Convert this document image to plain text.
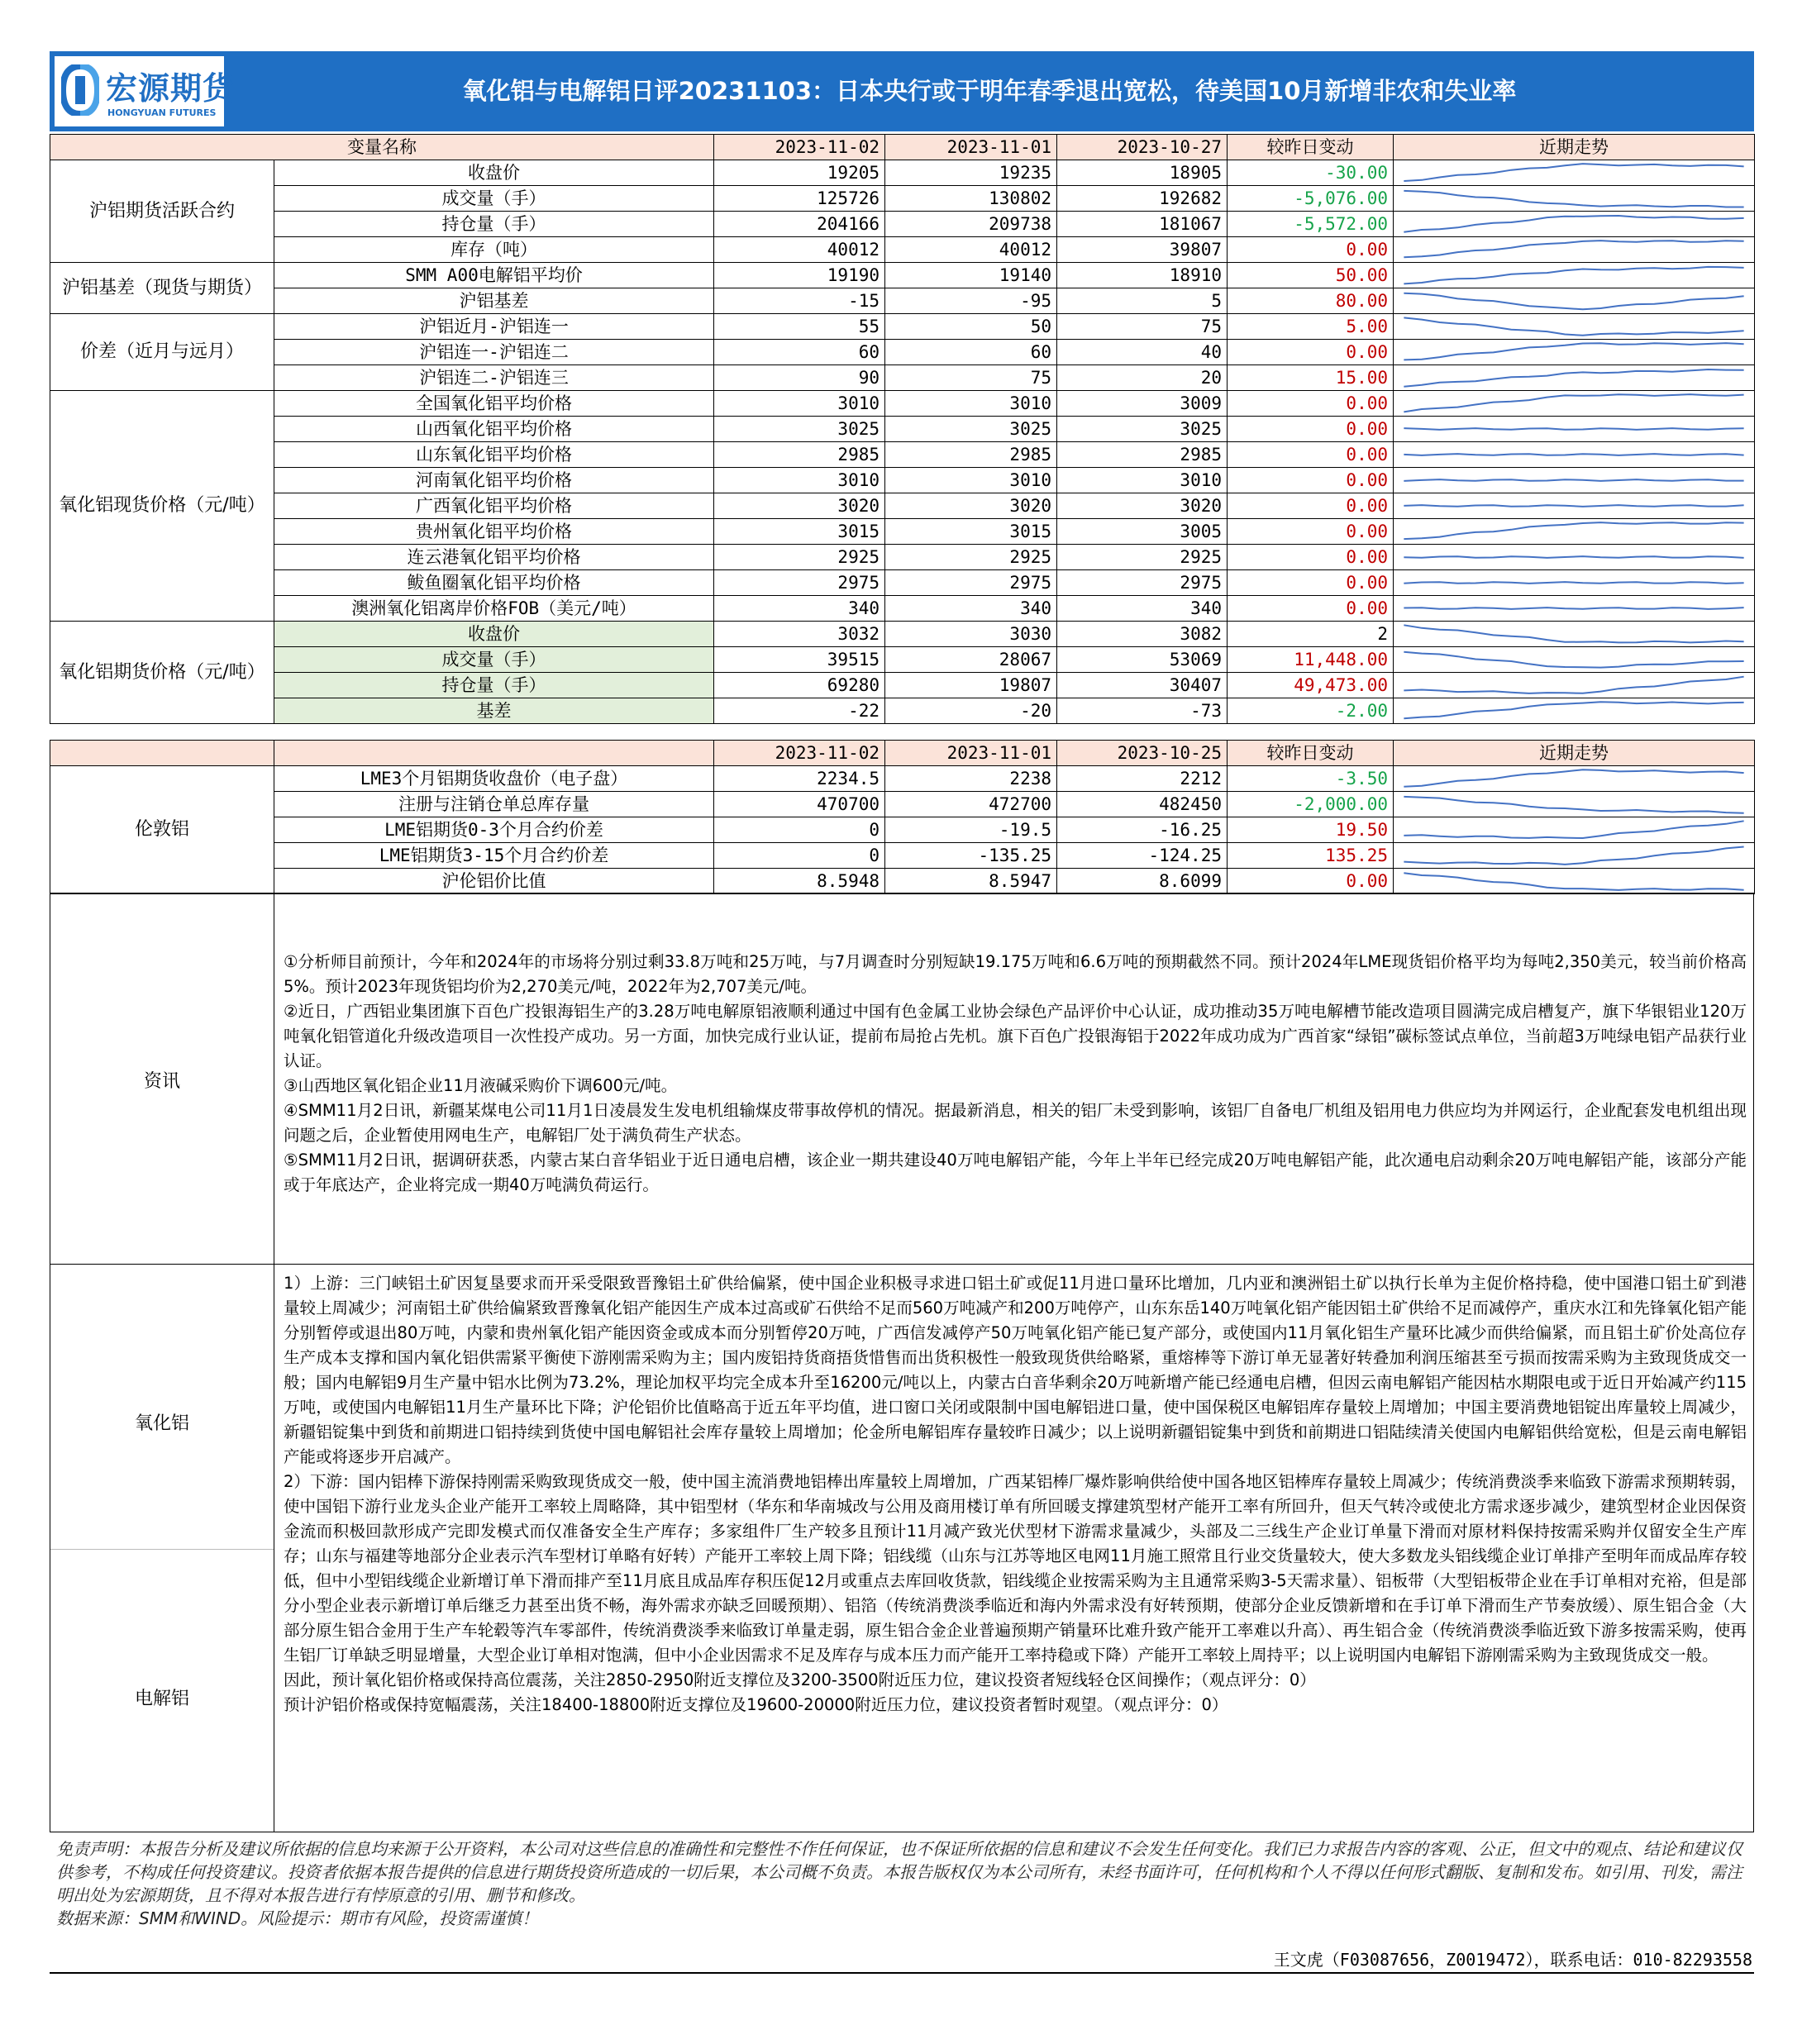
宏源期货
HONGYUAN FUTURES
氧化铝与电解铝日评20231103：日本央行或于明年春季退出宽松，待美国10月新增非农和失业率
变量名称		2023-11-02	2023-11-01	2023-10-27	较昨日变动	近期走势
沪铝期货活跃合约	收盘价	19205	19235	18905	-30.00	

	成交量（手）	125726	130802	192682	-5,076.00	

	持仓量（手）	204166	209738	181067	-5,572.00	

	库存（吨）	40012	40012	39807	0.00	

沪铝基差（现货与期货）	SMM A00电解铝平均价	19190	19140	18910	50.00	

	沪铝基差	-15	-95	5	80.00	

价差（近月与远月）	沪铝近月-沪铝连一	55	50	75	5.00	

	沪铝连一-沪铝连二	60	60	40	0.00	

	沪铝连二-沪铝连三	90	75	20	15.00	

氧化铝现货价格（元/吨）	全国氧化铝平均价格	3010	3010	3009	0.00	

	山西氧化铝平均价格	3025	3025	3025	0.00	

	山东氧化铝平均价格	2985	2985	2985	0.00	

	河南氧化铝平均价格	3010	3010	3010	0.00	

	广西氧化铝平均价格	3020	3020	3020	0.00	

	贵州氧化铝平均价格	3015	3015	3005	0.00	

	连云港氧化铝平均价格	2925	2925	2925	0.00	

	鲅鱼圈氧化铝平均价格	2975	2975	2975	0.00	

	澳洲氧化铝离岸价格FOB（美元/吨）	340	340	340	0.00	

氧化铝期货价格（元/吨）	收盘价	3032	3030	3082	2	

	成交量（手）	39515	28067	53069	11,448.00	

	持仓量（手）	69280	19807	30407	49,473.00	

	基差	-22	-20	-73	-2.00	
		2023-11-02	2023-11-01	2023-10-25	较昨日变动	近期走势
伦敦铝	LME3个月铝期货收盘价（电子盘）	2234.5	2238	2212	-3.50	

	注册与注销仓单总库存量	470700	472700	482450	-2,000.00	

	LME铝期货0-3个月合约价差	0	-19.5	-16.25	19.50	

	LME铝期货3-15个月合约价差	0	-135.25	-124.25	135.25	

	沪伦铝价比值	8.5948	8.5947	8.6099	0.00	
资讯

①分析师目前预计，今年和2024年的市场将分别过剩33.8万吨和25万吨，与7月调查时分别短缺19.175万吨和6.6万吨的预期截然不同。预计2024年LME现货铝价格平均为每吨2,350美元，较当前价格高5%。预计2023年现货铝均价为2,270美元/吨，2022年为2,707美元/吨。

②近日，广西铝业集团旗下百色广投银海铝生产的3.28万吨电解原铝液顺利通过中国有色金属工业协会绿色产品评价中心认证，成功推动35万吨电解槽节能改造项目圆满完成启槽复产，旗下华银铝业120万吨氧化铝管道化升级改造项目一次性投产成功。另一方面，加快完成行业认证，提前布局抢占先机。旗下百色广投银海铝于2022年成功成为广西首家“绿铝”碳标签试点单位，当前超3万吨绿电铝产品获行业认证。

③山西地区氧化铝企业11月液碱采购价下调600元/吨。

④SMM11月2日讯，新疆某煤电公司11月1日凌晨发生发电机组输煤皮带事故停机的情况。据最新消息，相关的铝厂未受到影响，该铝厂自备电厂机组及铝用电力供应均为并网运行，企业配套发电机组出现问题之后，企业暂使用网电生产，电解铝厂处于满负荷生产状态。

⑤SMM11月2日讯，据调研获悉，内蒙古某白音华铝业于近日通电启槽，该企业一期共建设40万吨电解铝产能，今年上半年已经完成20万吨电解铝产能，此次通电启动剩余20万吨电解铝产能，该部分产能或于年底达产，企业将完成一期40万吨满负荷运行。

氧化铝
电解铝

1）上游：三门峡铝土矿因复垦要求而开采受限致晋豫铝土矿供给偏紧，使中国企业积极寻求进口铝土矿或促11月进口量环比增加，几内亚和澳洲铝土矿以执行长单为主促价格持稳，使中国港口铝土矿到港量较上周减少；河南铝土矿供给偏紧致晋豫氧化铝产能因生产成本过高或矿石供给不足而560万吨减产和200万吨停产，山东东岳140万吨氧化铝产能因铝土矿供给不足而减停产，重庆水江和先锋氧化铝产能分别暂停或退出80万吨，内蒙和贵州氧化铝产能因资金或成本而分别暂停20万吨，广西信发减停产50万吨氧化铝产能已复产部分，或使国内11月氧化铝生产量环比减少而供给偏紧，而且铝土矿价处高位存生产成本支撑和国内氧化铝供需紧平衡使下游刚需采购为主；国内废铝持货商捂货惜售而出货积极性一般致现货供给略紧，重熔棒等下游订单无显著好转叠加利润压缩甚至亏损而按需采购为主致现货成交一般；国内电解铝9月生产量中铝水比例为73.2%，理论加权平均完全成本升至16200元/吨以上，内蒙古白音华剩余20万吨新增产能已经通电启槽，但因云南电解铝产能因枯水期限电或于近日开始减产约115万吨，或使国内电解铝11月生产量环比下降；沪伦铝价比值略高于近五年平均值，进口窗口关闭或限制中国电解铝进口量，使中国保税区电解铝库存量较上周增加；中国主要消费地铝锭出库量较上周减少，新疆铝锭集中到货和前期进口铝持续到货使中国电解铝社会库存量较上周增加；伦金所电解铝库存量较昨日减少；以上说明新疆铝锭集中到货和前期进口铝陆续清关使国内电解铝供给宽松，但是云南电解铝产能或将逐步开启减产。

2）下游：国内铝棒下游保持刚需采购致现货成交一般，使中国主流消费地铝棒出库量较上周增加，广西某铝棒厂爆炸影响供给使中国各地区铝棒库存量较上周减少；传统消费淡季来临致下游需求预期转弱，使中国铝下游行业龙头企业产能开工率较上周略降，其中铝型材（华东和华南城改与公用及商用楼订单有所回暖支撑建筑型材产能开工率有所回升，但天气转冷或使北方需求逐步减少，建筑型材企业因保资金流而积极回款形成产完即发模式而仅准备安全生产库存；多家组件厂生产较多且预计11月减产致光伏型材下游需求量减少，头部及二三线生产企业订单量下滑而对原材料保持按需采购并仅留安全生产库存；山东与福建等地部分企业表示汽车型材订单略有好转）产能开工率较上周下降；铝线缆（山东与江苏等地区电网11月施工照常且行业交货量较大，使大多数龙头铝线缆企业订单排产至明年而成品库存较低，但中小型铝线缆企业新增订单下滑而排产至11月底且成品库存积压促12月或重点去库回收货款，铝线缆企业按需采购为主且通常采购3-5天需求量）、铝板带（大型铝板带企业在手订单相对充裕，但是部分小型企业表示新增订单后继乏力甚至出货不畅，海外需求亦缺乏回暖预期）、铝箔（传统消费淡季临近和海内外需求没有好转预期，使部分企业反馈新增和在手订单下滑而生产节奏放缓）、原生铝合金（大部分原生铝合金用于生产车轮毂等汽车零部件，传统消费淡季来临致订单量走弱，原生铝合金企业普遍预期产销量环比难升致产能开工率难以升高）、再生铝合金（传统消费淡季临近致下游多按需采购，使再生铝厂订单缺乏明显增量，大型企业订单相对饱满，但中小企业因需求不足及库存与成本压力而产能开工率持稳或下降）产能开工率较上周持平；以上说明国内电解铝下游刚需采购为主致现货成交一般。

因此，预计氧化铝价格或保持高位震荡，关注2850-2950附近支撑位及3200-3500附近压力位，建议投资者短线轻仓区间操作；（观点评分：0）

预计沪铝价格或保持宽幅震荡，关注18400-18800附近支撑位及19600-20000附近压力位，建议投资者暂时观望。（观点评分：0）

免责声明：本报告分析及建议所依据的信息均来源于公开资料，本公司对这些信息的准确性和完整性不作任何保证，也不保证所依据的信息和建议不会发生任何变化。我们已力求报告内容的客观、公正，但文中的观点、结论和建议仅供参考，不构成任何投资建议。投资者依据本报告提供的信息进行期货投资所造成的一切后果，本公司概不负责。本报告版权仅为本公司所有，未经书面许可，任何机构和个人不得以任何形式翻版、复制和发布。如引用、刊发，需注明出处为宏源期货，且不得对本报告进行有悖原意的引用、删节和修改。
数据来源：SMM和WIND。风险提示：期市有风险，投资需谨慎！
王文虎（F03087656，Z0019472），联系电话：010-82293558
